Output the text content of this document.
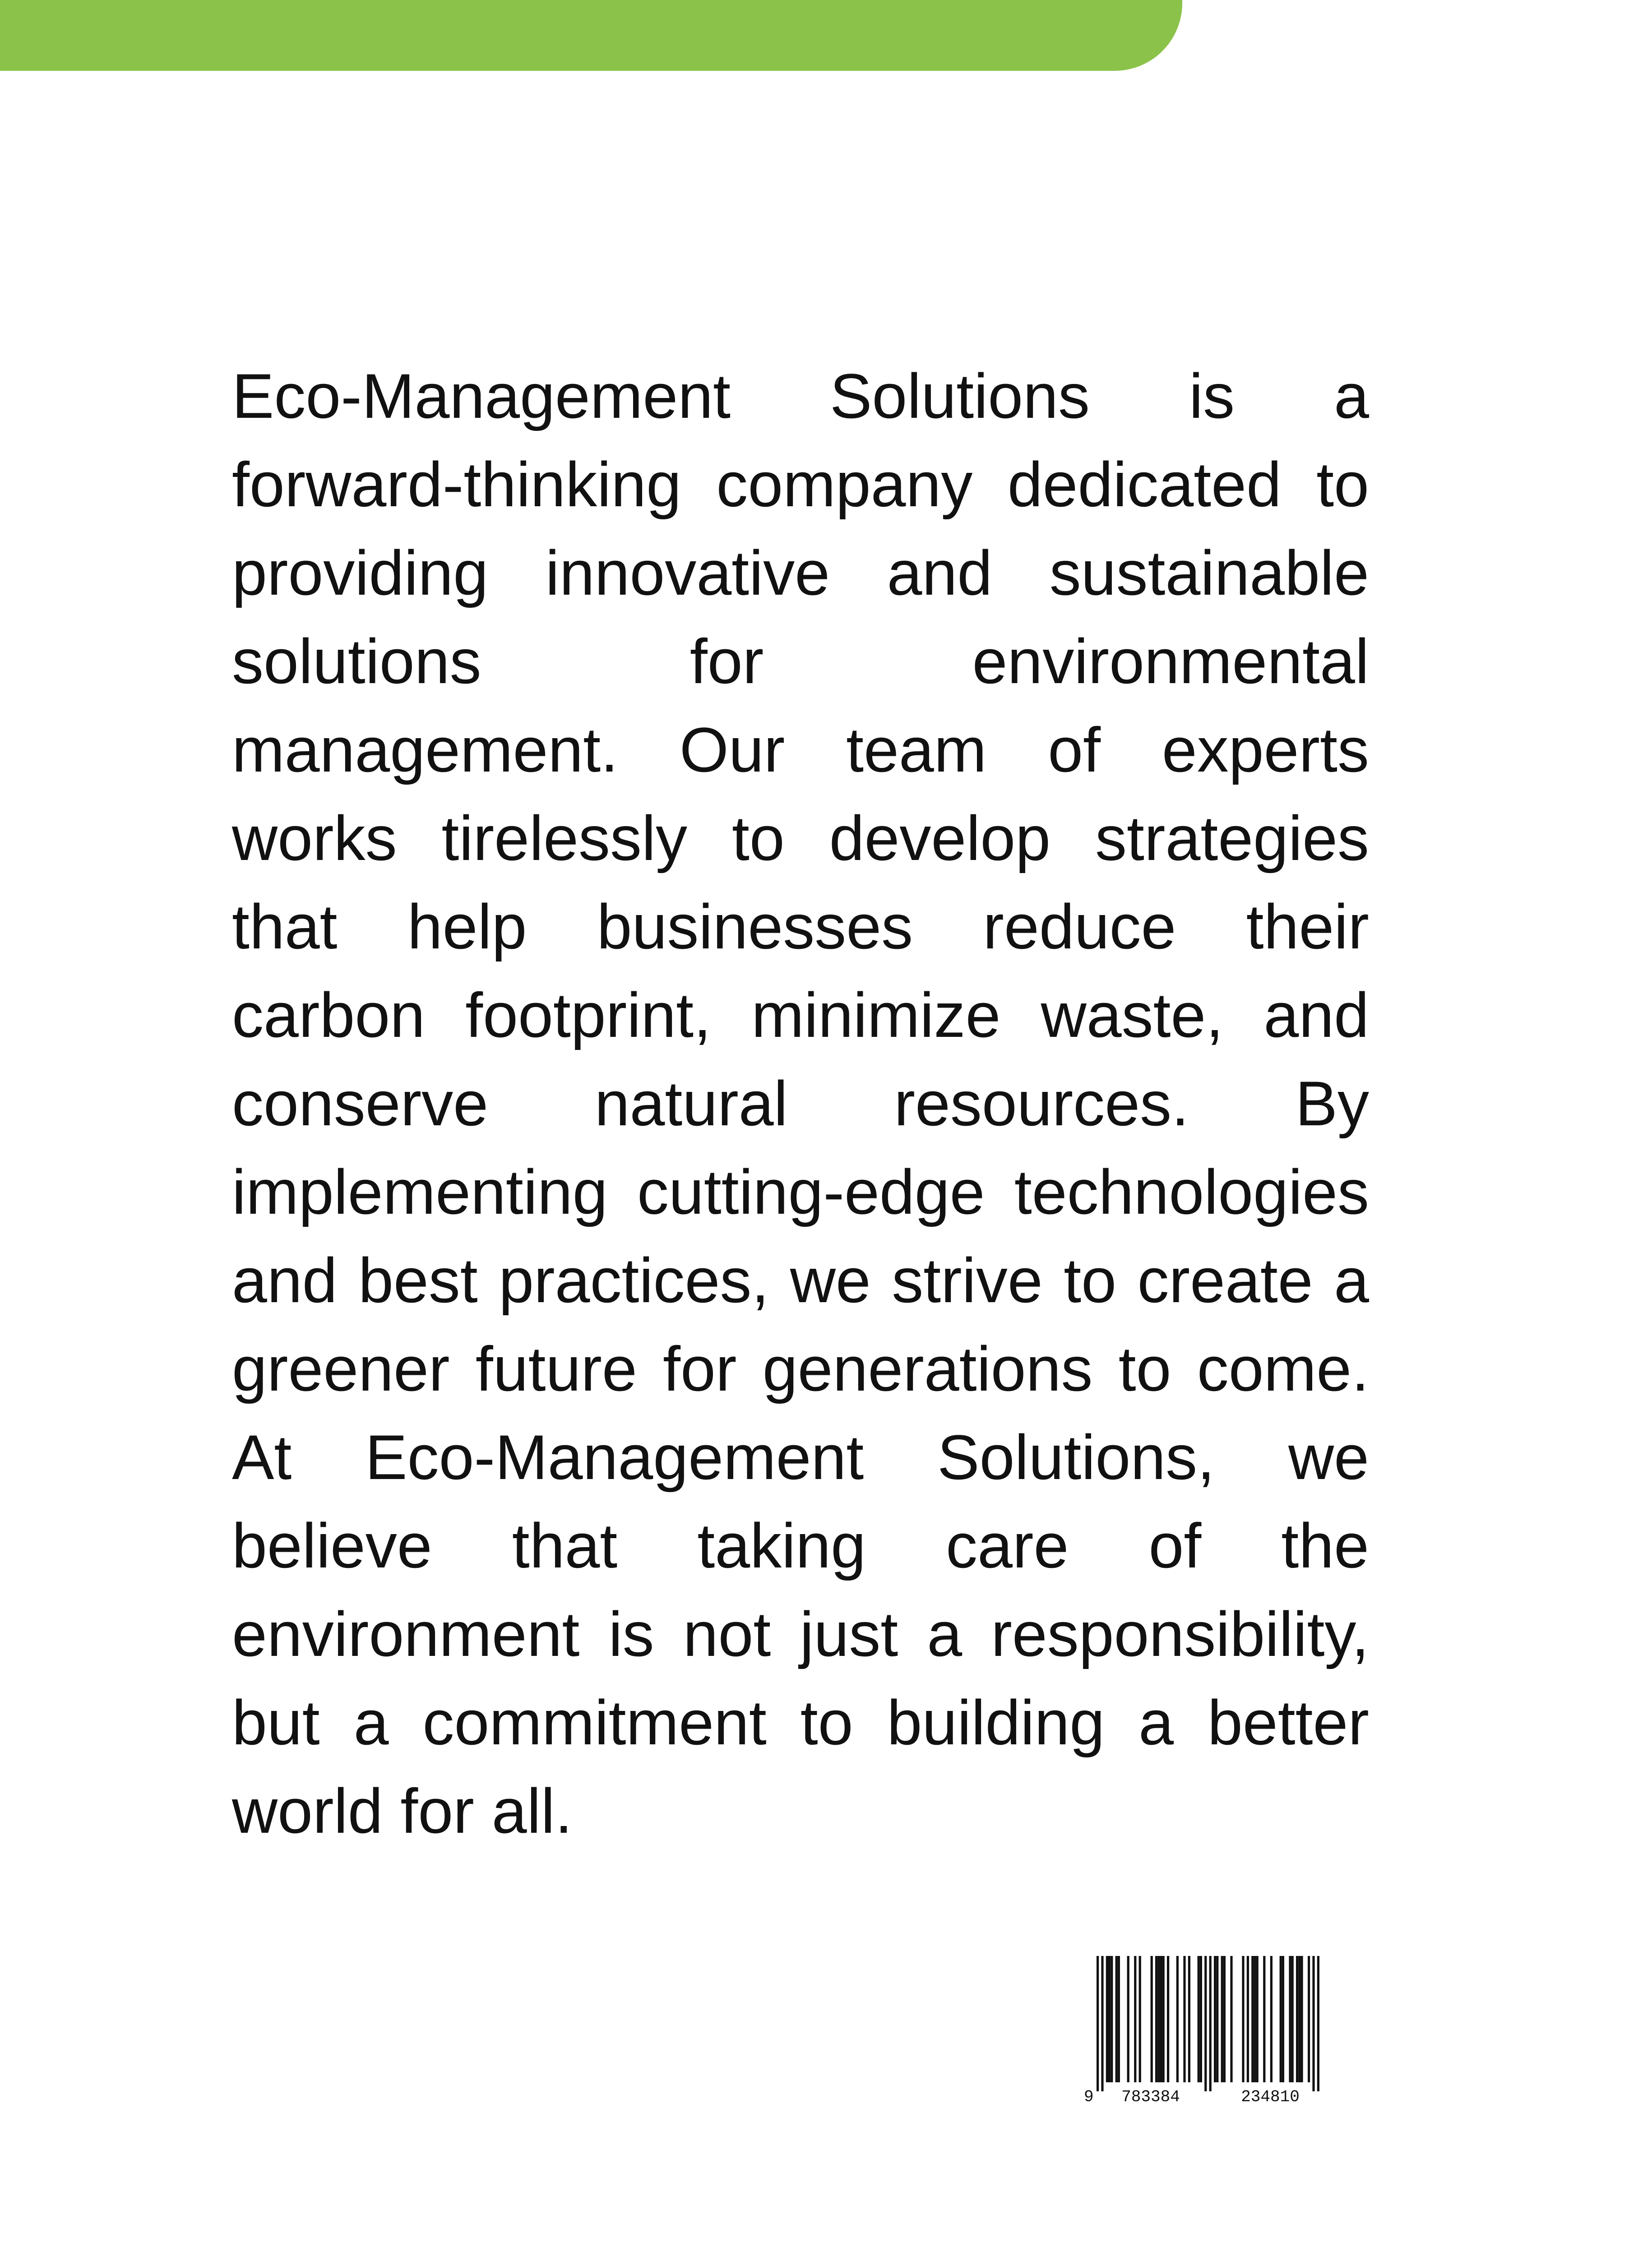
Eco-Management Solutions is a forward-thinking company dedicated to providing innovative and sustainable solutions for environmental management. Our team of experts works tirelessly to develop strategies that help businesses reduce their carbon footprint, minimize waste, and conserve natural resources. By implementing cutting-edge technologies and best practices, we strive to create a greener future for generations to come. At Eco-Management Solutions, we believe that taking care of the environment is not just a responsibility, but a commitment to building a better world for all.

9 783384	234810
